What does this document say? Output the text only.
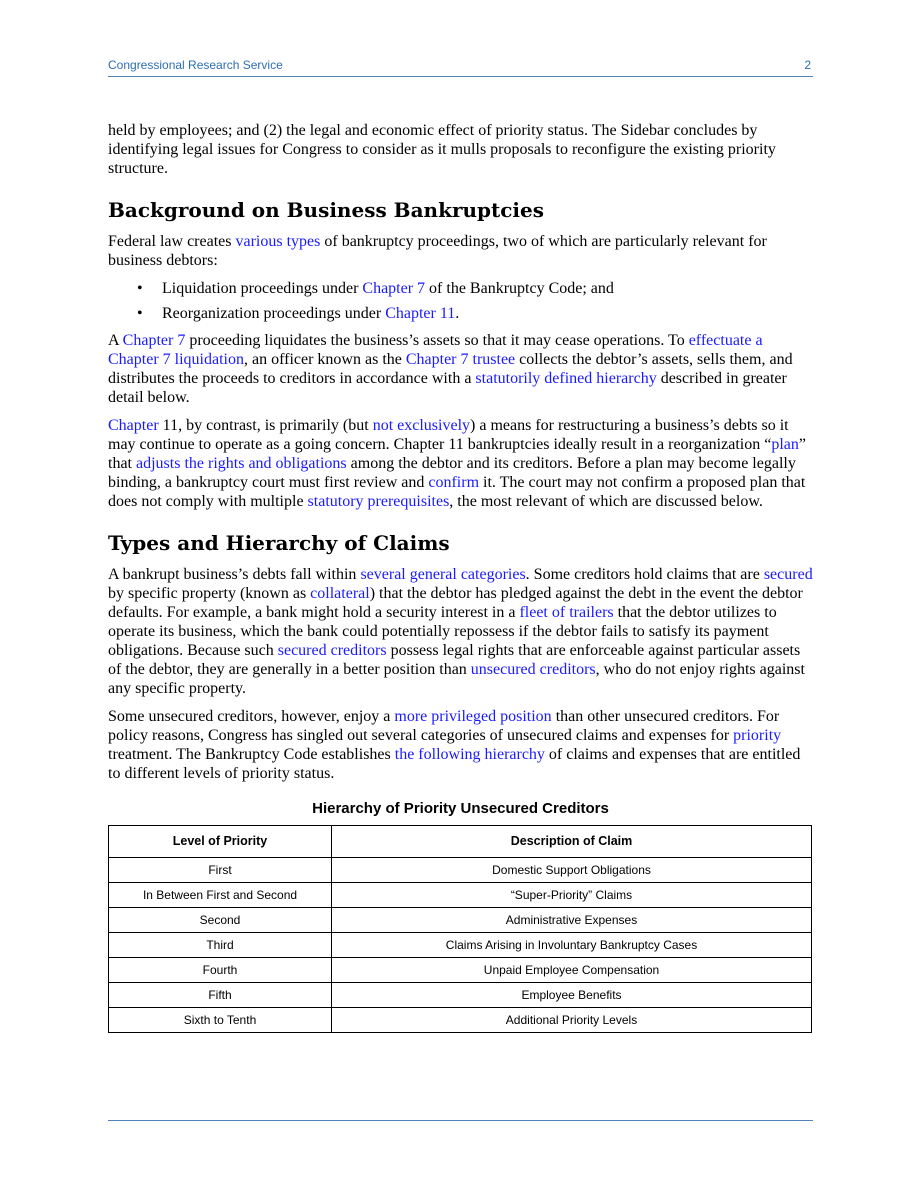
Congressional Research Service	2

held by employees; and (2) the legal and economic effect of priority status. The Sidebar concludes by identifying legal issues for Congress to consider as it mulls proposals to reconfigure the existing priority structure.

Background on Business Bankruptcies

Federal law creates various types of bankruptcy proceedings, two of which are particularly relevant for business debtors:

• Liquidation proceedings under Chapter 7 of the Bankruptcy Code; and
• Reorganization proceedings under Chapter 11.

A Chapter 7 proceeding liquidates the business’s assets so that it may cease operations. To effectuate a Chapter 7 liquidation, an officer known as the Chapter 7 trustee collects the debtor’s assets, sells them, and distributes the proceeds to creditors in accordance with a statutorily defined hierarchy described in greater detail below.

Chapter 11, by contrast, is primarily (but not exclusively) a means for restructuring a business’s debts so it may continue to operate as a going concern. Chapter 11 bankruptcies ideally result in a reorganization “plan” that adjusts the rights and obligations among the debtor and its creditors. Before a plan may become legally binding, a bankruptcy court must first review and confirm it. The court may not confirm a proposed plan that does not comply with multiple statutory prerequisites, the most relevant of which are discussed below.

Types and Hierarchy of Claims

A bankrupt business’s debts fall within several general categories. Some creditors hold claims that are secured by specific property (known as collateral) that the debtor has pledged against the debt in the event the debtor defaults. For example, a bank might hold a security interest in a fleet of trailers that the debtor utilizes to operate its business, which the bank could potentially repossess if the debtor fails to satisfy its payment obligations. Because such secured creditors possess legal rights that are enforceable against particular assets of the debtor, they are generally in a better position than unsecured creditors, who do not enjoy rights against any specific property.

Some unsecured creditors, however, enjoy a more privileged position than other unsecured creditors. For policy reasons, Congress has singled out several categories of unsecured claims and expenses for priority treatment. The Bankruptcy Code establishes the following hierarchy of claims and expenses that are entitled to different levels of priority status.

Hierarchy of Priority Unsecured Creditors
Level of Priority	Description of Claim
First	Domestic Support Obligations
In Between First and Second	“Super-Priority” Claims
Second	Administrative Expenses
Third	Claims Arising in Involuntary Bankruptcy Cases
Fourth	Unpaid Employee Compensation
Fifth	Employee Benefits
Sixth to Tenth	Additional Priority Levels
